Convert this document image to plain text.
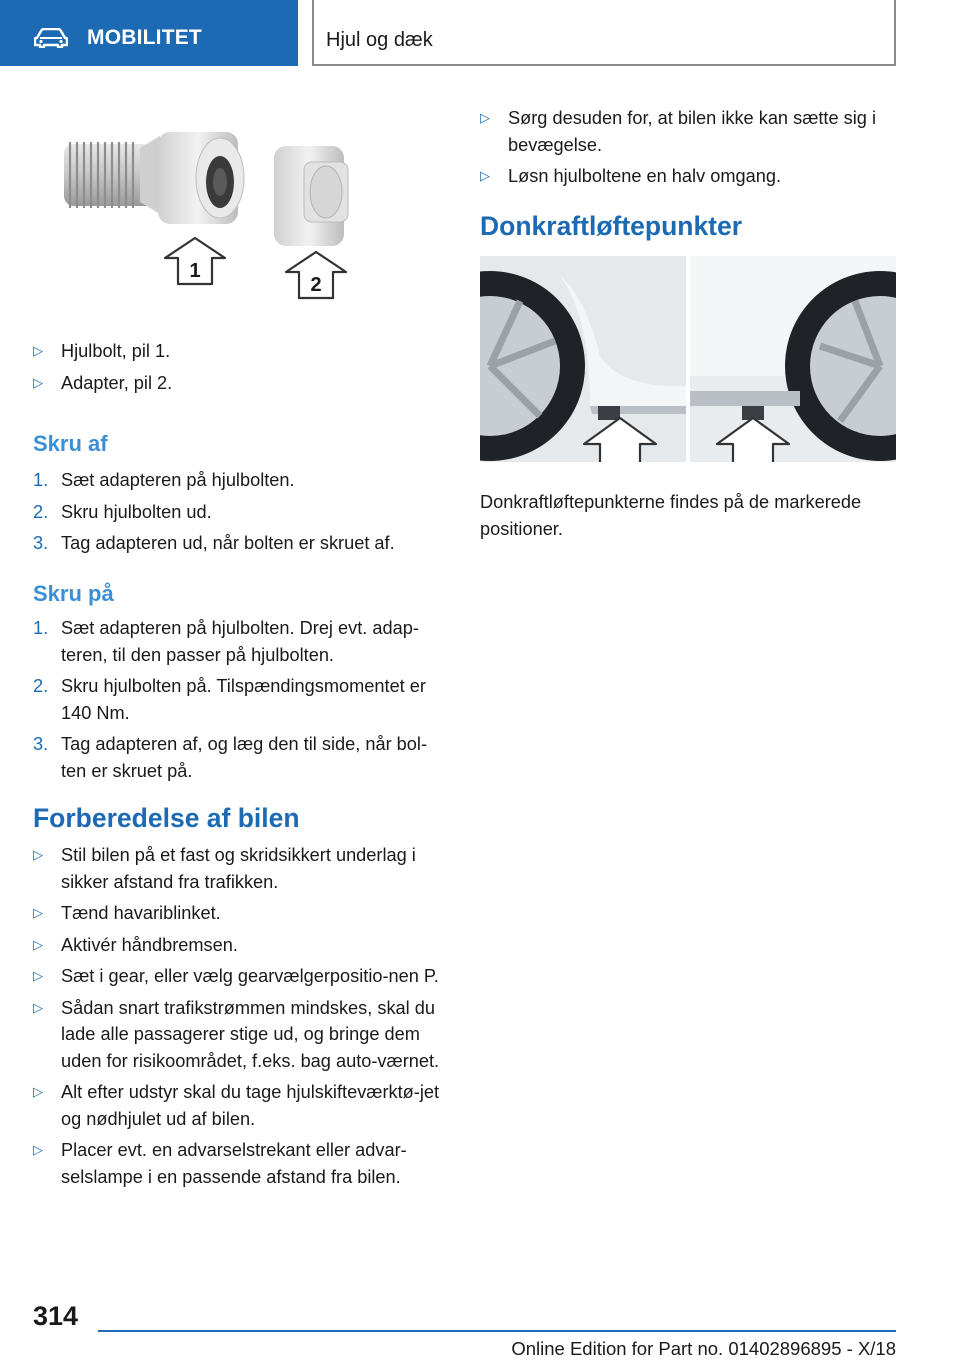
MOBILITET	Hjul og dæk
1
2
▷ Hjulbolt, pil 1.
▷ Adapter, pil 2.
Skru af
1. Sæt adapteren på hjulbolten.
2. Skru hjulbolten ud.
3. Tag adapteren ud, når bolten er skruet af.
Skru på
1. Sæt adapteren på hjulbolten. Drej evt. adap-teren, til den passer på hjulbolten.
2. Skru hjulbolten på. Tilspændingsmomentet er 140 Nm.
3. Tag adapteren af, og læg den til side, når bol-ten er skruet på.
Forberedelse af bilen
▷ Stil bilen på et fast og skridsikkert underlag i sikker afstand fra trafikken.
▷ Tænd havariblinket.
▷ Aktivér håndbremsen.
▷ Sæt i gear, eller vælg gearvælgerpositio-nen P.
▷ Sådan snart trafikstrømmen mindskes, skal du lade alle passagerer stige ud, og bringe dem uden for risikoområdet, f.eks. bag auto-værnet.
▷ Alt efter udstyr skal du tage hjulskifteværktø-jet og nødhjulet ud af bilen.
▷ Placer evt. en advarselstrekant eller advar-selslampe i en passende afstand fra bilen.
▷ Sørg desuden for, at bilen ikke kan sætte sig i bevægelse.
▷ Løsn hjulboltene en halv omgang.
Donkraftløftepunkter

Donkraftløftepunkterne findes på de markerede positioner.

314
Online Edition for Part no. 01402896895 - X/18
